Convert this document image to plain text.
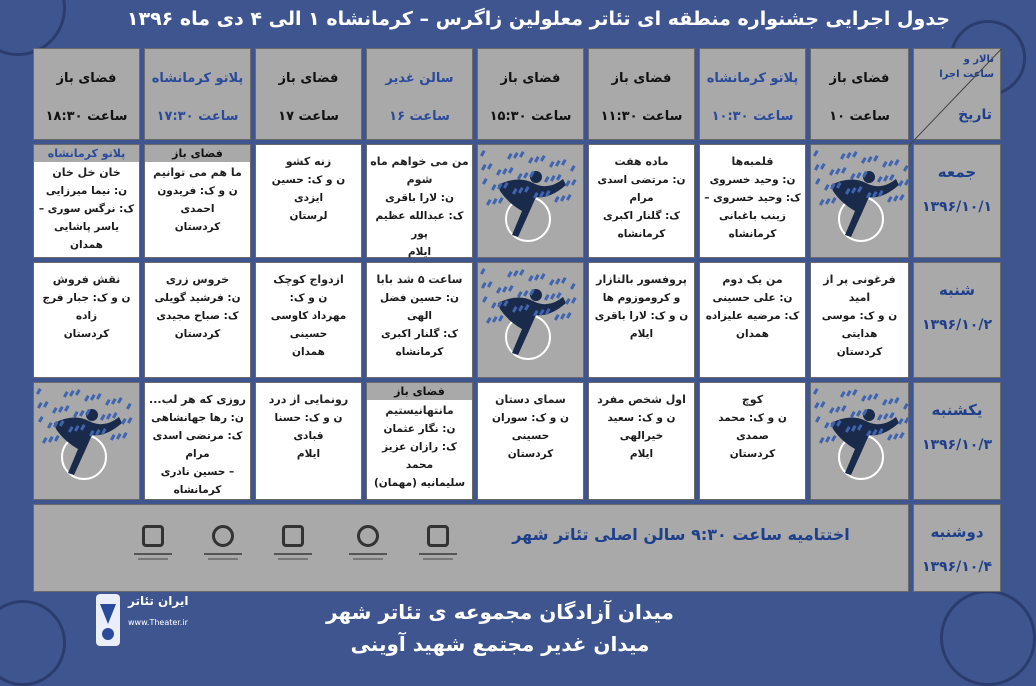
جدول اجرایی جشنواره منطقه ای تئاتر معلولین زاگرس – کرمانشاه ۱ الی ۴ دی ماه ۱۳۹۶
تالار و
ساعت اجرا
تاریخ
فضای باز
ساعت ۱۰
پلاتو کرمانشاه
ساعت ۱۰:۳۰
فضای باز
ساعت ۱۱:۳۰
فضای باز
ساعت ۱۵:۳۰
سالن غدیر
ساعت ۱۶
فضای باز
ساعت ۱۷
پلاتو کرمانشاه
ساعت ۱۷:۳۰
فضای باز
ساعت ۱۸:۳۰
جمعه
۱۳۹۶/۱۰/۱
قلمبه‌ها
ن: وحید خسروی
ک: وحید خسروی –
زینب باغبانی
کرمانشاه
ماده هفت
ن: مرتضی اسدی مرام
ک: گلنار اکبری
کرمانشاه
من می خواهم ماه شوم
ن: لارا باقری
ک: عبدالله عظیم پور
ایلام
زنه کشو
ن و ک: حسین ایزدی
لرستان
فضای باز
ما هم می توانیم
ن و ک: فریدون احمدی
کردستان
پلاتو کرمانشاه
خان خل خان
ن: نیما میرزایی
ک: نرگس سوری –
یاسر پاشایی
همدان
شنبه
۱۳۹۶/۱۰/۲
فرغونی پر از امید
ن و ک: موسی هدایتی
کردستان
من یک دوم
ن: علی حسینی
ک: مرضیه علیزاده
همدان
پروفسور بالتازار
و کروموزوم ها
ن و ک: لارا باقری
ایلام
ساعت ۵ شد بابا
ن: حسین فضل الهی
ک: گلنار اکبری
کرمانشاه
ازدواج کوچک
ن و ک:
مهرداد کاوسی حسینی
همدان
خروس زری
ن: فرشید گویلی
ک: صباح مجیدی
کردستان
نقش فروش
ن و ک: جبار فرج زاده
کردستان
یکشنبه
۱۳۹۶/۱۰/۳
کوچ
ن و ک: محمد صمدی
کردستان
اول شخص مفرد
ن و ک: سعید خیرالهی
ایلام
سمای دستان
ن و ک: سوران حسینی
کردستان
فضای باز
مانتهانیستیم
ن: نگار عثمان
ک: رازان عزیز محمد
سلیمانیه (مهمان)
رونمایی از درد
ن و ک: حسنا قبادی
ایلام
روزی که هر لب...
ن: رها جهانشاهی
ک: مرتضی اسدی مرام
– حسین نادری
کرمانشاه
دوشنبه
۱۳۹۶/۱۰/۴
اختتامیه ساعت ۹:۳۰ سالن اصلی تئاتر شهر
ایران تئاتر
www.Theater.ir	میدان آزادگان مجموعه ی تئاتر شهر
میدان غدیر مجتمع شهید آوینی
